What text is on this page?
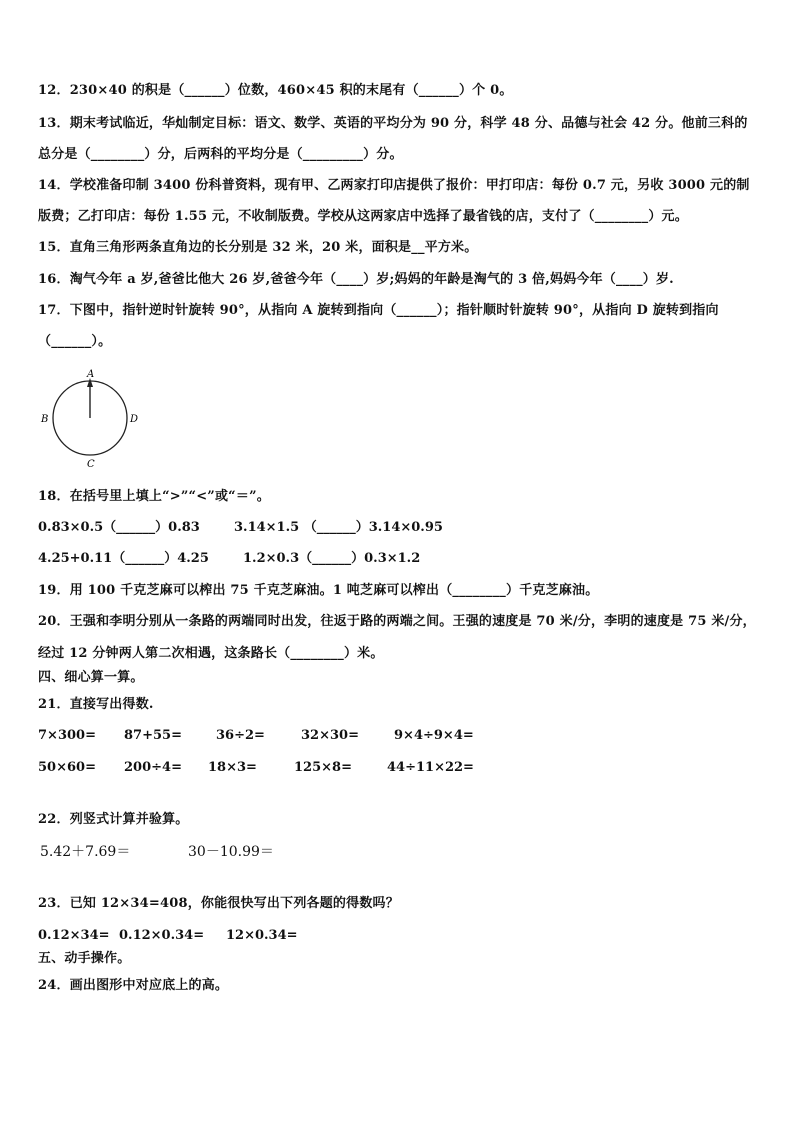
12．230×40 的积是（______）位数，460×45 积的末尾有（______）个 0。
13．期末考试临近，华灿制定目标：语文、数学、英语的平均分为 90 分，科学 48 分、品德与社会 42 分。他前三科的
总分是（________）分，后两科的平均分是（_________）分。
14．学校准备印制 3400 份科普资料，现有甲、乙两家打印店提供了报价：甲打印店：每份 0.7 元，另收 3000 元的制
版费；乙打印店：每份 1.55 元，不收制版费。学校从这两家店中选择了最省钱的店，支付了（________）元。
15．直角三角形两条直角边的长分别是 32 米，20 米，面积是__平方米。
16．淘气今年 a 岁,爸爸比他大 26 岁,爸爸今年（____）岁;妈妈的年龄是淘气的 3 倍,妈妈今年（____）岁.
17．下图中，指针逆时针旋转 90°，从指向 A 旋转到指向（______）；指针顺时针旋转 90°，从指向 D 旋转到指向
（______）。
A
B
C
D
18．在括号里上填上“>”“<”或“＝”。
0.83×0.5（______）0.83	3.14×1.5 （______）3.14×0.95
4.25+0.11（______）4.25	1.2×0.3（______）0.3×1.2
19．用 100 千克芝麻可以榨出 75 千克芝麻油。1 吨芝麻可以榨出（________）千克芝麻油。
20．王强和李明分别从一条路的两端同时出发，往返于路的两端之间。王强的速度是 70 米/分，李明的速度是 75 米/分，
经过 12 分钟两人第二次相遇，这条路长（________）米。
四、细心算一算。
21．直接写出得数.
7×300= 87+55=	36÷2=	32×30=	9×4÷9×4=
50×60= 200÷4= 18×3=	125×8=	44÷11×22=
22．列竖式计算并验算。
5.42＋7.69＝	30－10.99＝
23．已知 12×34=408，你能很快写出下列各题的得数吗？
0.12×34= 0.12×0.34= 12×0.34=
五、动手操作。
24．画出图形中对应底上的高。
